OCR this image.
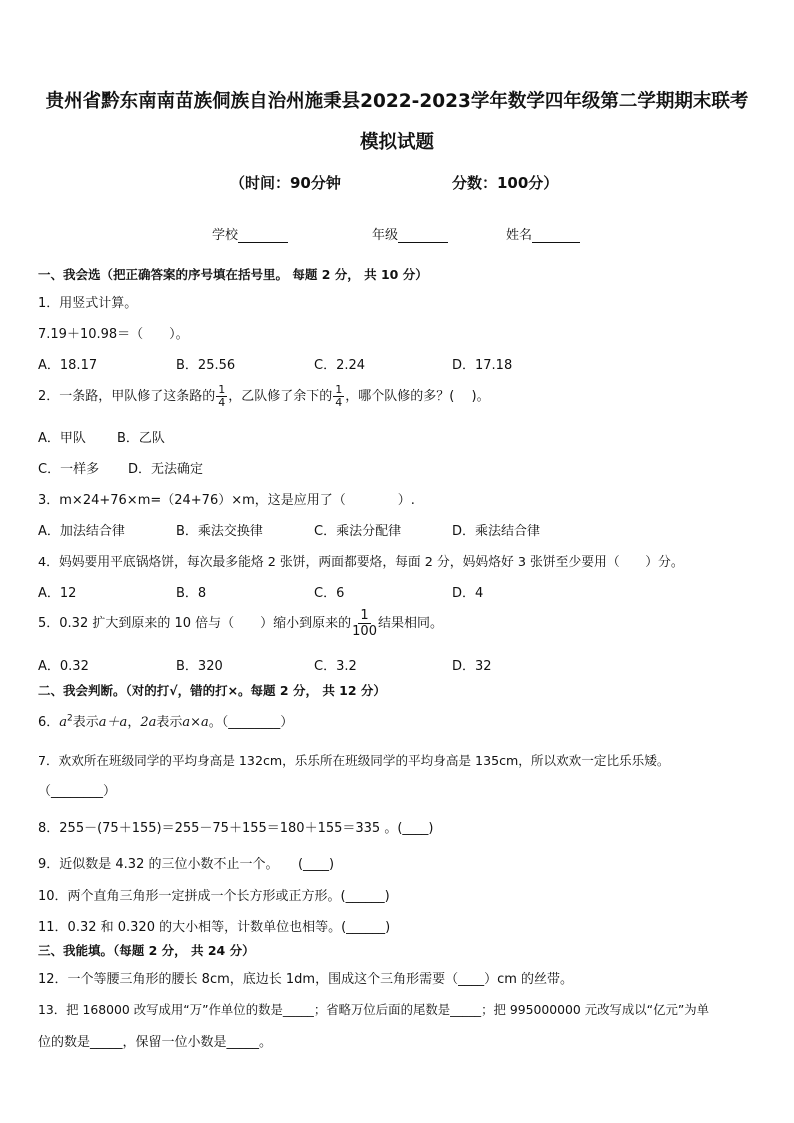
贵州省黔东南南苗族侗族自治州施秉县2022-2023学年数学四年级第二学期期末联考
模拟试题
（时间：90分钟	分数：100分）
学校	年级	姓名
一、我会选（把正确答案的序号填在括号里。 每题 2 分， 共 10 分）
1．用竖式计算。
7.19＋10.98＝（　　）。
A．18.17	B．25.56	C．2.24	D．17.18
2．一条路，甲队修了这条路的 $\frac{1}{4}$ ，乙队修了余下的 $\frac{1}{4}$ ，哪个队修的多？(　 )。
A．甲队 B．乙队
C．一样多 D．无法确定
3．m×24+76×m=（24+76）×m，这是应用了（　　　　）.
A．加法结合律	B．乘法交换律	C．乘法分配律	D．乘法结合律
4．妈妈要用平底锅烙饼，每次最多能烙 2 张饼，两面都要烙，每面 2 分，妈妈烙好 3 张饼至少要用（　　）分。
A．12	B．8	C．6	D．4
5．0.32 扩大到原来的 10 倍与（　　）缩小到原来的 $\frac{1}{100}$ 结果相同。
A．0.32	B．320	C．3.2	D．32
二、我会判断。（对的打√，错的打×。每题 2 分， 共 12 分）
6．$a^2$表示a＋a，2a表示a×a。（________）
7．欢欢所在班级同学的平均身高是 132cm，乐乐所在班级同学的平均身高是 135cm，所以欢欢一定比乐乐矮。
（________）
8．255－(75＋155)＝255－75＋155＝180＋155＝335 。(____)
9．近似数是 4.32 的三位小数不止一个。　　(____)
10．两个直角三角形一定拼成一个长方形或正方形。(______)
11．0.32 和 0.320 的大小相等，计数单位也相等。(______)
三、我能填。（每题 2 分， 共 24 分）
12．一个等腰三角形的腰长 8cm，底边长 1dm，围成这个三角形需要（____）cm 的丝带。
13．把 168000 改写成用“万”作单位的数是_____；省略万位后面的尾数是_____；把 995000000 元改写成以“亿元”为单
位的数是_____，保留一位小数是_____。
